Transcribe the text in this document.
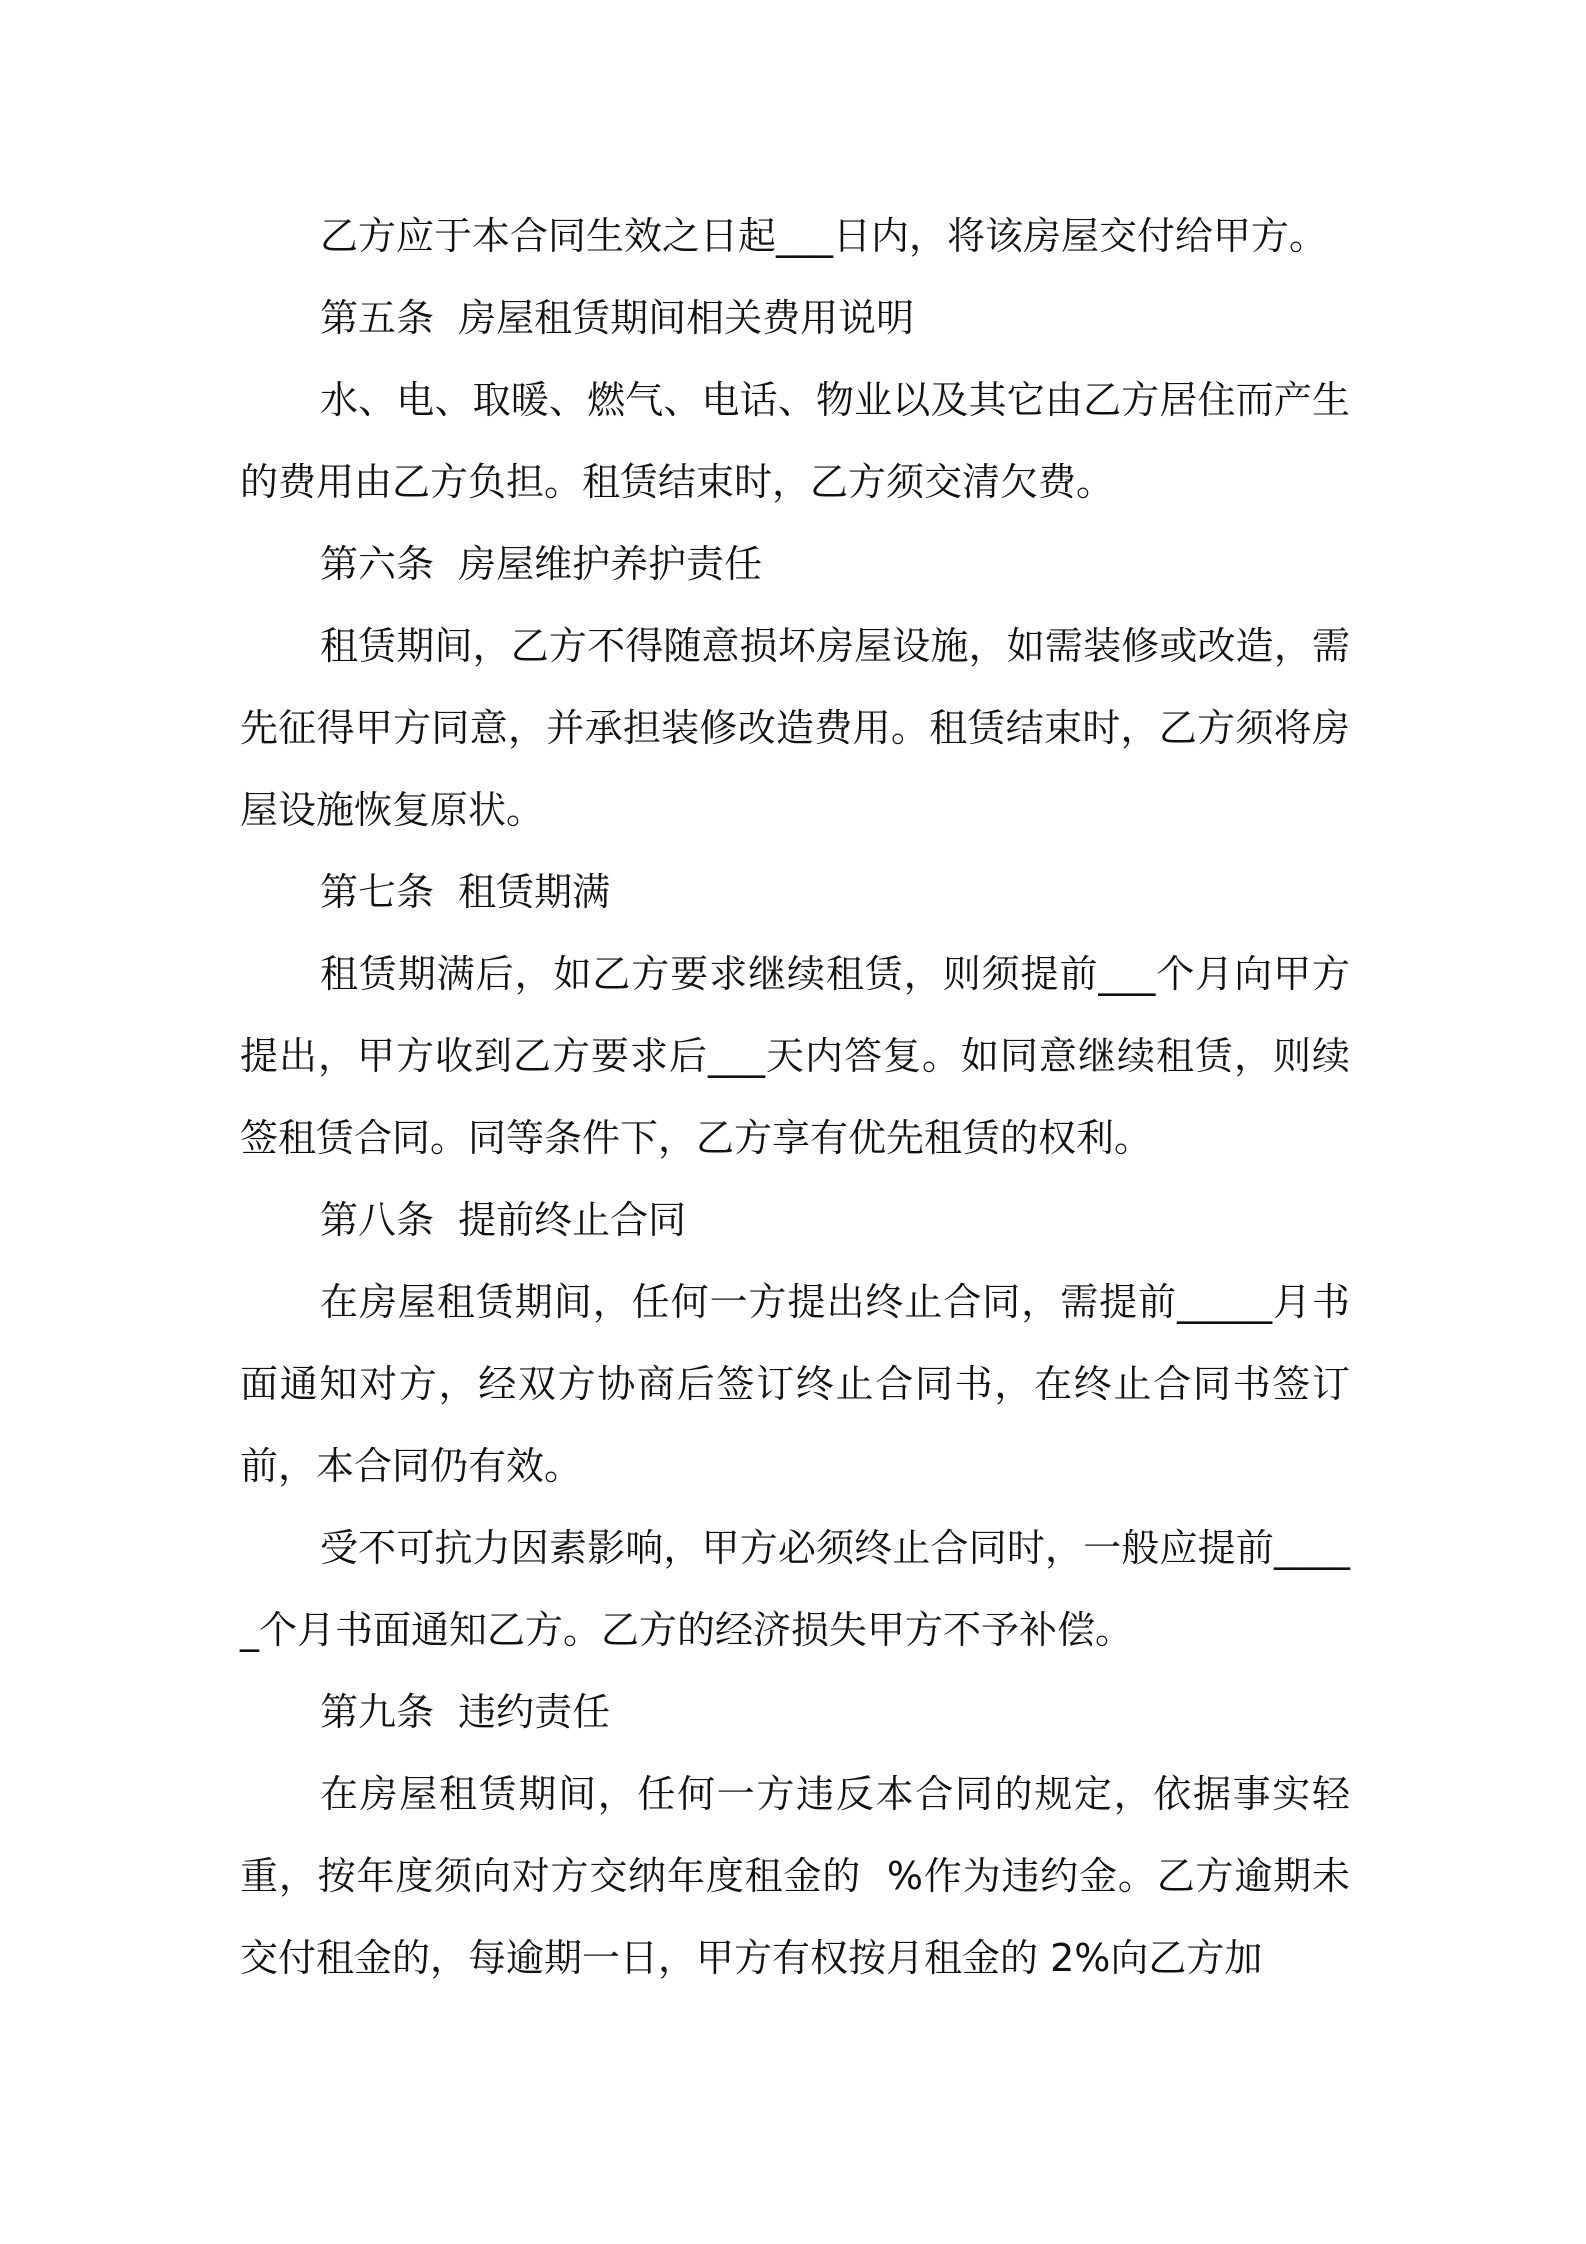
乙方应于本合同生效之日起___日内，将该房屋交付给甲方。

第五条  房屋租赁期间相关费用说明

水、电、取暖、燃气、电话、物业以及其它由乙方居住而产生的费用由乙方负担。租赁结束时，乙方须交清欠费。

第六条  房屋维护养护责任

租赁期间，乙方不得随意损坏房屋设施，如需装修或改造，需先征得甲方同意，并承担装修改造费用。租赁结束时，乙方须将房屋设施恢复原状。

第七条  租赁期满

租赁期满后，如乙方要求继续租赁，则须提前___个月向甲方提出，甲方收到乙方要求后___天内答复。如同意继续租赁，则续签租赁合同。同等条件下，乙方享有优先租赁的权利。

第八条  提前终止合同

在房屋租赁期间，任何一方提出终止合同，需提前_____月书面通知对方，经双方协商后签订终止合同书，在终止合同书签订前，本合同仍有效。

受不可抗力因素影响，甲方必须终止合同时，一般应提前_____个月书面通知乙方。乙方的经济损失甲方不予补偿。

第九条  违约责任

在房屋租赁期间，任何一方违反本合同的规定，依据事实轻重，按年度须向对方交纳年度租金的  %作为违约金。乙方逾期未交付租金的，每逾期一日，甲方有权按月租金的 2%向乙方加
